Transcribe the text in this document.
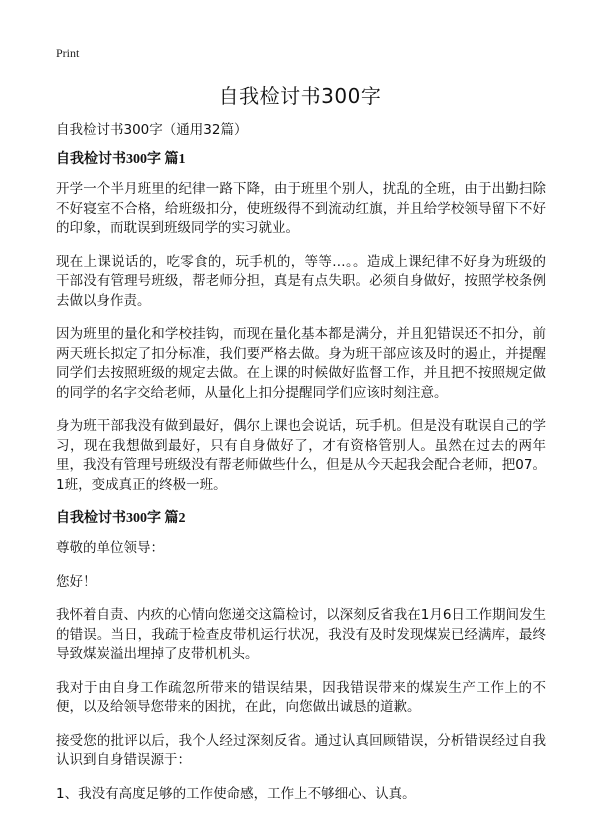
Print
自我检讨书300字
自我检讨书300字（通用32篇）
自我检讨书300字 篇1

开学一个半月班里的纪律一路下降，由于班里个别人，扰乱的全班，由于出勤扫除不好寝室不合格，给班级扣分，使班级得不到流动红旗，并且给学校领导留下不好的印象，而耽误到班级同学的实习就业。

现在上课说话的，吃零食的，玩手机的，等等…。。造成上课纪律不好身为班级的干部没有管理号班级，帮老师分担，真是有点失职。必须自身做好，按照学校条例去做以身作责。

因为班里的量化和学校挂钩，而现在量化基本都是满分，并且犯错误还不扣分，前两天班长拟定了扣分标准，我们要严格去做。身为班干部应该及时的遏止，并提醒同学们去按照班级的规定去做。在上课的时候做好监督工作，并且把不按照规定做的同学的名字交给老师，从量化上扣分提醒同学们应该时刻注意。

身为班干部我没有做到最好，偶尔上课也会说话，玩手机。但是没有耽误自己的学习，现在我想做到最好，只有自身做好了，才有资格管别人。虽然在过去的两年里，我没有管理号班级没有帮老师做些什么，但是从今天起我会配合老师，把07。1班，变成真正的终极一班。

自我检讨书300字 篇2

尊敬的单位领导：

您好！

我怀着自责、内疚的心情向您递交这篇检讨，以深刻反省我在1月6日工作期间发生的错误。当日，我疏于检查皮带机运行状况，我没有及时发现煤炭已经满库，最终导致煤炭溢出埋掉了皮带机机头。

我对于由自身工作疏忽所带来的错误结果，因我错误带来的煤炭生产工作上的不便，以及给领导您带来的困扰，在此，向您做出诚恳的道歉。

接受您的批评以后，我个人经过深刻反省。通过认真回顾错误，分析错误经过自我认识到自身错误源于：

1、我没有高度足够的工作使命感，工作上不够细心、认真。
